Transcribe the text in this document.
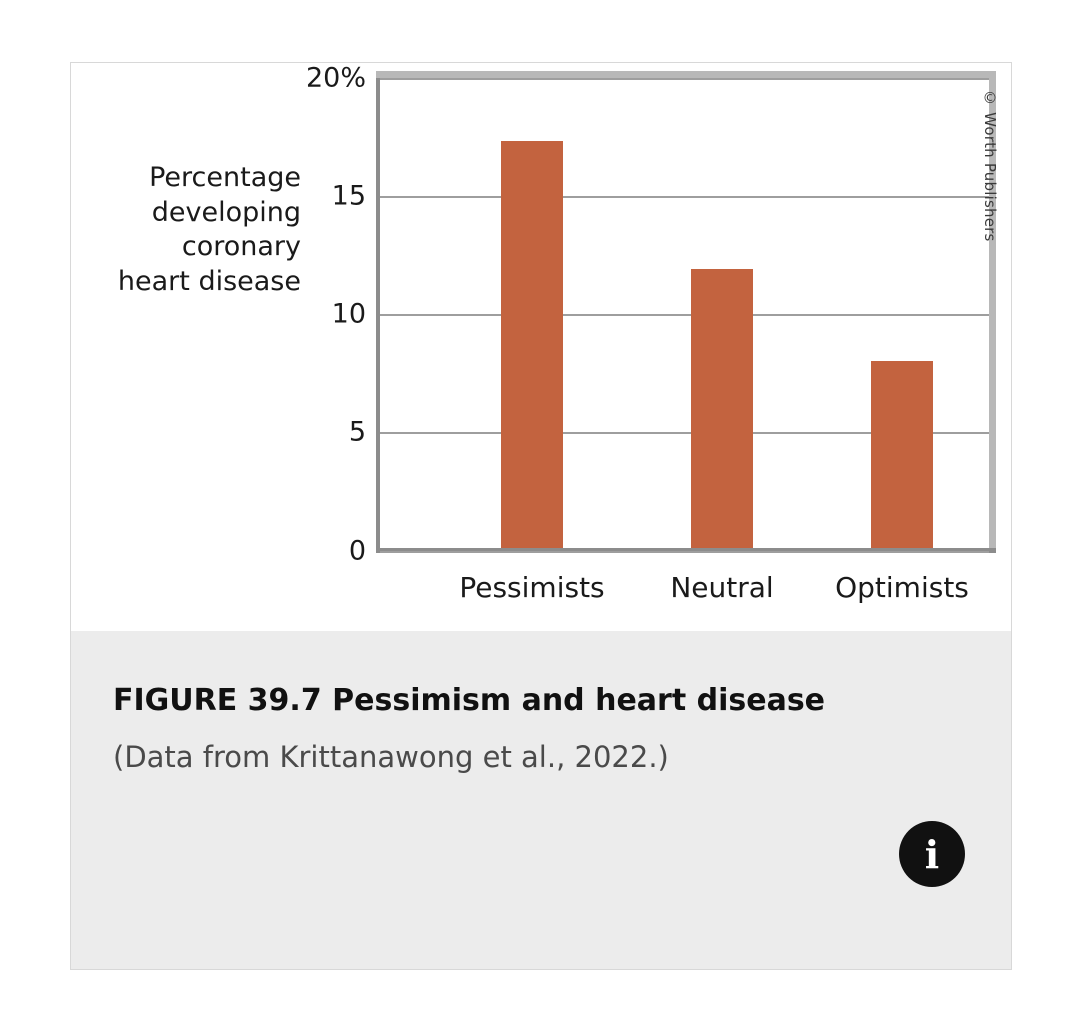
Percentage
developing
coronary
heart disease
0
5
10
15
20%
Pessimists Neutral Optimists
© Worth Publishers
FIGURE 39.7 Pessimism and heart disease
(Data from Krittanawong et al., 2022.)
i
